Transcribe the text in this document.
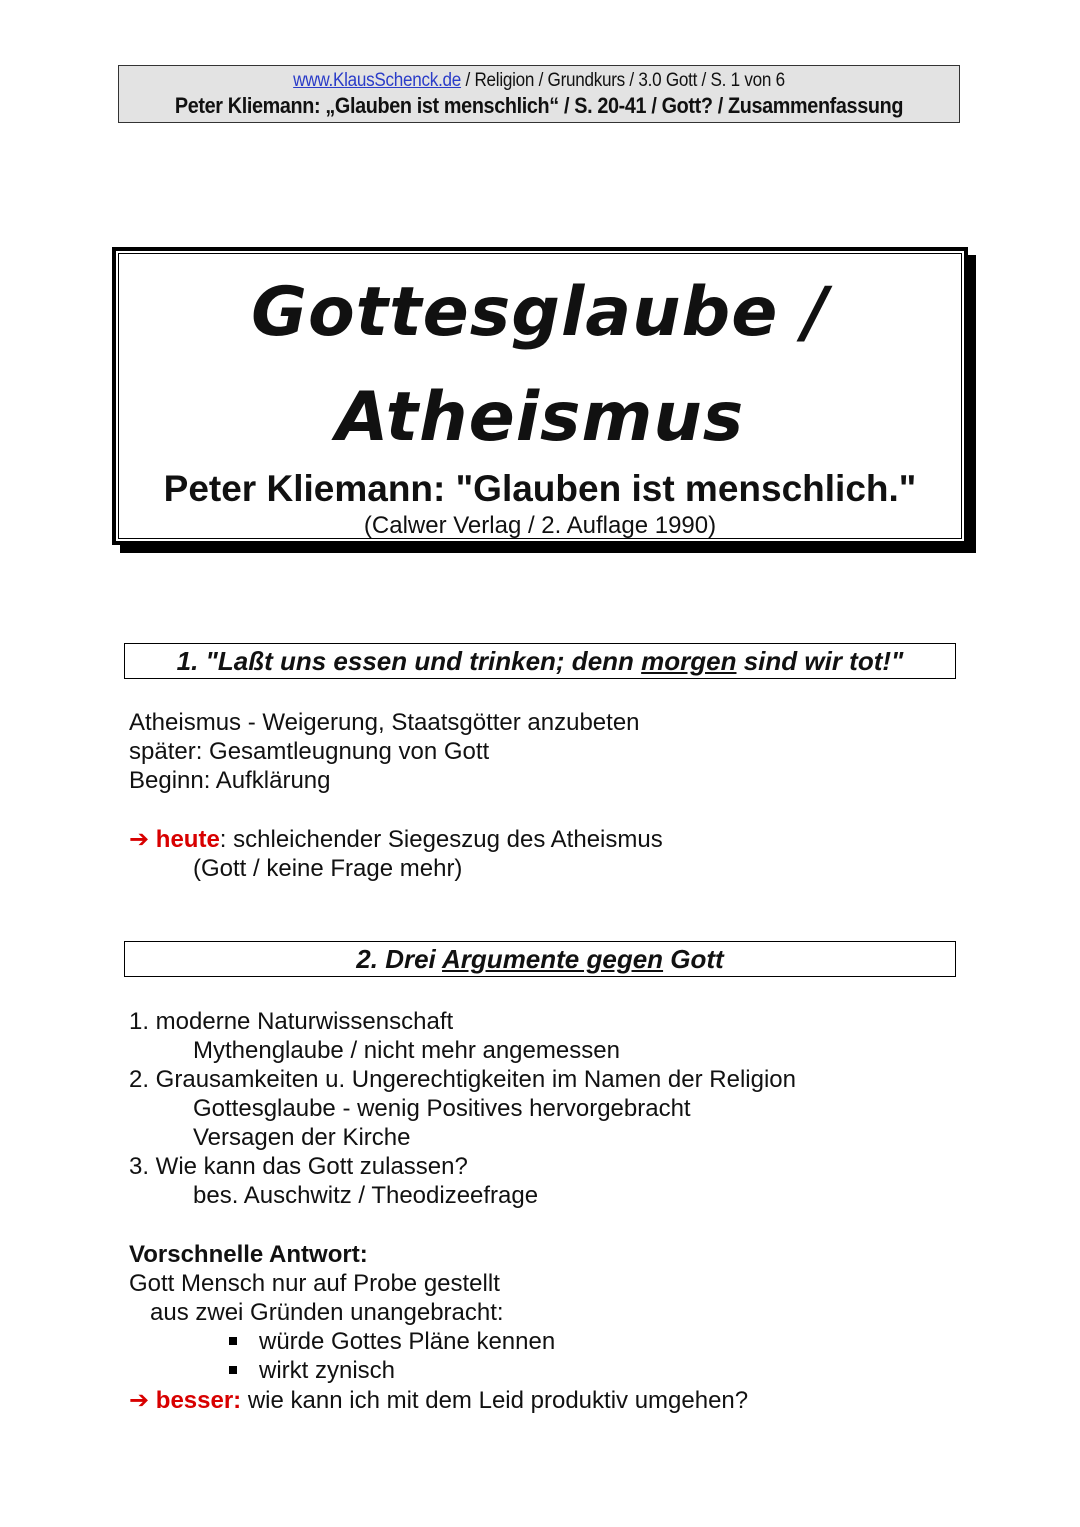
www.KlausSchenck.de / Religion / Grundkurs / 3.0 Gott / S. 1 von 6
Peter Kliemann: „Glauben ist menschlich“ / S. 20-41 / Gott? / Zusammenfassung
Gottesglaube /
Atheismus
Peter Kliemann: "Glauben ist menschlich."
(Calwer Verlag / 2. Auflage 1990)
1. "Laßt uns essen und trinken; denn morgen sind wir tot!"
Atheismus - Weigerung, Staatsgötter anzubeten
später: Gesamtleugnung von Gott
Beginn: Aufklärung
➔ heute: schleichender Siegeszug des Atheismus
(Gott / keine Frage mehr)
2. Drei Argumente gegen Gott
1. moderne Naturwissenschaft
Mythenglaube / nicht mehr angemessen
2. Grausamkeiten u. Ungerechtigkeiten im Namen der Religion
Gottesglaube - wenig Positives hervorgebracht
Versagen der Kirche
3. Wie kann das Gott zulassen?
bes. Auschwitz / Theodizeefrage
Vorschnelle Antwort:
Gott Mensch nur auf Probe gestellt
aus zwei Gründen unangebracht:
würde Gottes Pläne kennen
wirkt zynisch
➔ besser: wie kann ich mit dem Leid produktiv umgehen?
